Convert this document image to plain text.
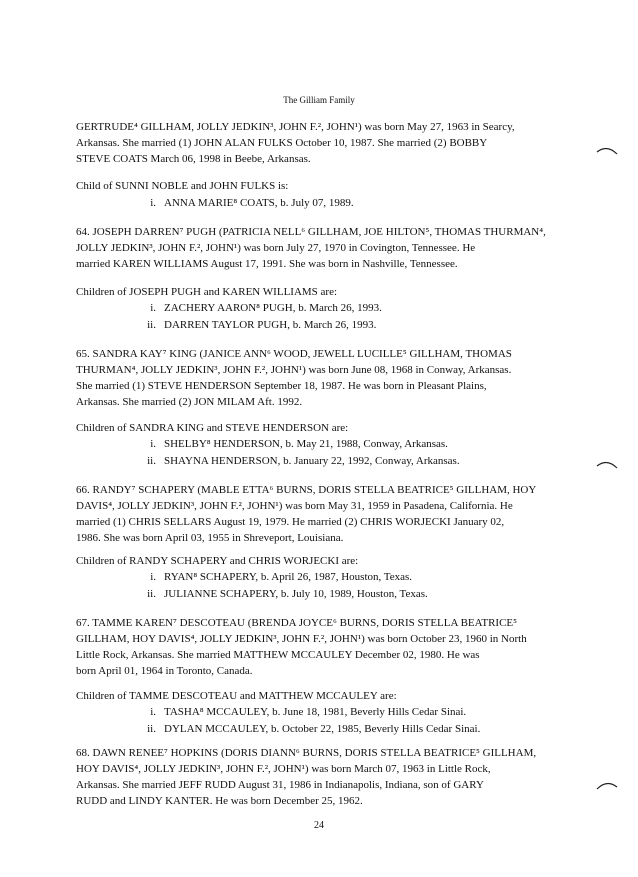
The Gilliam Family
GERTRUDE⁴ GILLHAM, JOLLY JEDKIN³, JOHN F.², JOHN¹) was born May 27, 1963 in Searcy,
Arkansas. She married (1) JOHN ALAN FULKS October 10, 1987. She married (2) BOBBY
STEVE COATS March 06, 1998 in Beebe, Arkansas.
Child of SUNNI NOBLE and JOHN FULKS is:
i. ANNA MARIE⁸ COATS, b. July 07, 1989.
64. JOSEPH DARREN⁷ PUGH (PATRICIA NELL⁶ GILLHAM, JOE HILTON⁵, THOMAS THURMAN⁴,
JOLLY JEDKIN³, JOHN F.², JOHN¹) was born July 27, 1970 in Covington, Tennessee. He
married KAREN WILLIAMS August 17, 1991. She was born in Nashville, Tennessee.
Children of JOSEPH PUGH and KAREN WILLIAMS are:
i. ZACHERY AARON⁸ PUGH, b. March 26, 1993.
ii. DARREN TAYLOR PUGH, b. March 26, 1993.
65. SANDRA KAY⁷ KING (JANICE ANN⁶ WOOD, JEWELL LUCILLE⁵ GILLHAM, THOMAS
THURMAN⁴, JOLLY JEDKIN³, JOHN F.², JOHN¹) was born June 08, 1968 in Conway, Arkansas.
She married (1) STEVE HENDERSON September 18, 1987. He was born in Pleasant Plains,
Arkansas. She married (2) JON MILAM Aft. 1992.
Children of SANDRA KING and STEVE HENDERSON are:
i. SHELBY⁸ HENDERSON, b. May 21, 1988, Conway, Arkansas.
ii. SHAYNA HENDERSON, b. January 22, 1992, Conway, Arkansas.
66. RANDY⁷ SCHAPERY (MABLE ETTA⁶ BURNS, DORIS STELLA BEATRICE⁵ GILLHAM, HOY
DAVIS⁴, JOLLY JEDKIN³, JOHN F.², JOHN¹) was born May 31, 1959 in Pasadena, California. He
married (1) CHRIS SELLARS August 19, 1979. He married (2) CHRIS WORJECKI January 02,
1986. She was born April 03, 1955 in Shreveport, Louisiana.
Children of RANDY SCHAPERY and CHRIS WORJECKI are:
i. RYAN⁸ SCHAPERY, b. April 26, 1987, Houston, Texas.
ii. JULIANNE SCHAPERY, b. July 10, 1989, Houston, Texas.
67. TAMME KAREN⁷ DESCOTEAU (BRENDA JOYCE⁶ BURNS, DORIS STELLA BEATRICE⁵
GILLHAM, HOY DAVIS⁴, JOLLY JEDKIN³, JOHN F.², JOHN¹) was born October 23, 1960 in North
Little Rock, Arkansas. She married MATTHEW MCCAULEY December 02, 1980. He was
born April 01, 1964 in Toronto, Canada.
Children of TAMME DESCOTEAU and MATTHEW MCCAULEY are:
i. TASHA⁸ MCCAULEY, b. June 18, 1981, Beverly Hills Cedar Sinai.
ii. DYLAN MCCAULEY, b. October 22, 1985, Beverly Hills Cedar Sinai.
68. DAWN RENEE⁷ HOPKINS (DORIS DIANN⁶ BURNS, DORIS STELLA BEATRICE⁵ GILLHAM,
HOY DAVIS⁴, JOLLY JEDKIN³, JOHN F.², JOHN¹) was born March 07, 1963 in Little Rock,
Arkansas. She married JEFF RUDD August 31, 1986 in Indianapolis, Indiana, son of GARY
RUDD and LINDY KANTER. He was born December 25, 1962.
24
